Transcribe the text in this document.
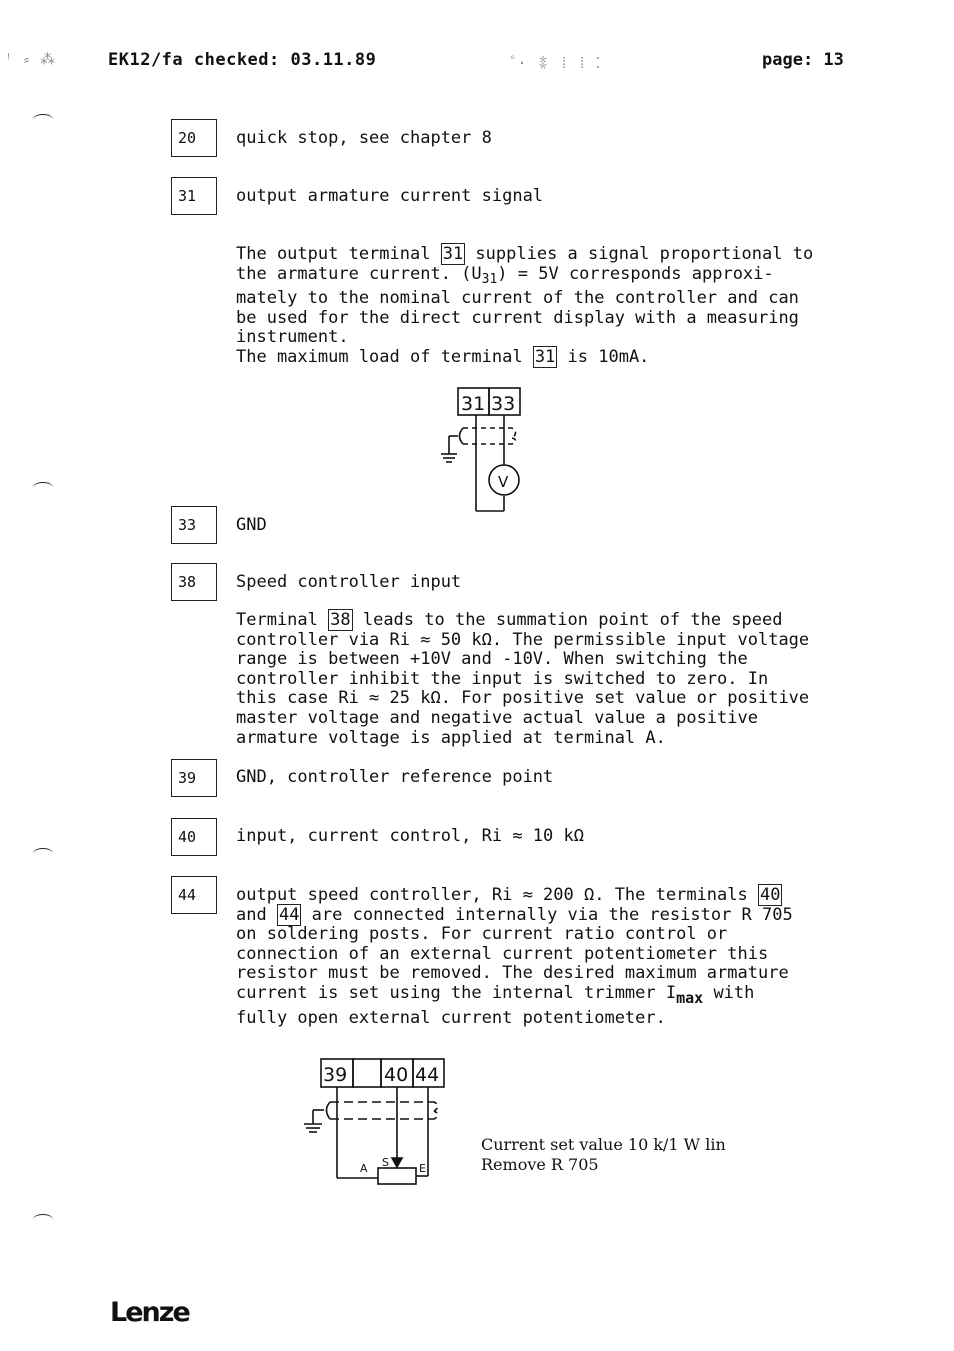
EK12/fa checked: 03.11.89	page: 13
ꜝ ⸗ ⁂	ﾟ· ⁑ ⁞ ⁞ ⁚
20	quick stop, see chapter 8
31	output armature current signal
The output terminal 31 supplies a signal proportional to
the armature current. $(U_{31}) = 5V$ corresponds approxi-
mately to the nominal current of the controller and can
be used for the direct current display with a measuring
instrument.
The maximum load of terminal 31 is 10mA.
31 33
V
33	GND
38	Speed controller input
Terminal 38 leads to the summation point of the speed
controller via Ri ≈ 50 kΩ. The permissible input voltage
range is between +10V and -10V. When switching the
controller inhibit the input is switched to zero. In
this case Ri ≈ 25 kΩ. For positive set value or positive
master voltage and negative actual value a positive
armature voltage is applied at terminal A.
39	GND, controller reference point
40	input, current control, Ri ≈ 10 kΩ
44	output speed controller, Ri ≈ 200 Ω. The terminals 40
and 44 are connected internally via the resistor R 705
on soldering posts. For current ratio control or
connection of an external current potentiometer this
resistor must be removed. The desired maximum armature
current is set using the internal trimmer Imax with
fully open external current potentiometer.
39 40 44
A S	E
Current set value 10 k/1 W lin
Remove R 705
Lenze
